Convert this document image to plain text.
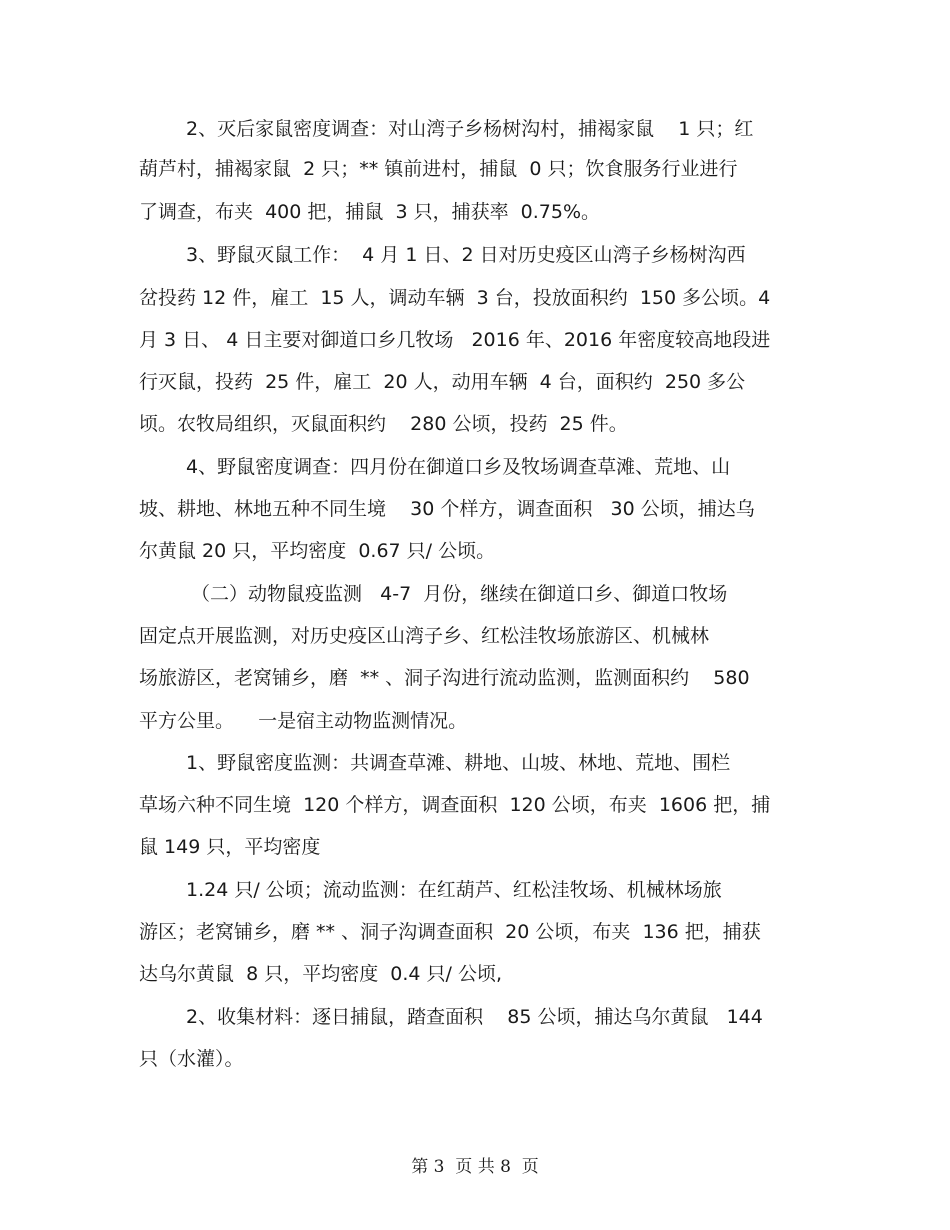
2、灭后家鼠密度调查：对山湾子乡杨树沟村，捕褐家鼠    1 只；红
葫芦村，捕褐家鼠  2 只；** 镇前进村，捕鼠  0 只；饮食服务行业进行
了调查，布夹  400 把，捕鼠  3 只，捕获率  0.75%。
3、野鼠灭鼠工作：  4 月 1 日、2 日对历史疫区山湾子乡杨树沟西
岔投药 12 件，雇工  15 人，调动车辆  3 台，投放面积约  150 多公顷。4
月 3 日、 4 日主要对御道口乡几牧场   2016 年、2016 年密度较高地段进
行灭鼠，投药  25 件，雇工  20 人，动用车辆  4 台，面积约  250 多公
顷。农牧局组织，灭鼠面积约    280 公顷，投药  25 件。
4、野鼠密度调查：四月份在御道口乡及牧场调查草滩、荒地、山
坡、耕地、林地五种不同生境    30 个样方，调查面积   30 公顷，捕达乌
尔黄鼠 20 只，平均密度  0.67 只/ 公顷。
（二）动物鼠疫监测   4-7  月份，继续在御道口乡、御道口牧场
固定点开展监测，对历史疫区山湾子乡、红松洼牧场旅游区、机械林
场旅游区，老窝铺乡，磨  ** 、洞子沟进行流动监测，监测面积约    580
平方公里。    一是宿主动物监测情况。
1、野鼠密度监测：共调查草滩、耕地、山坡、林地、荒地、围栏
草场六种不同生境  120 个样方，调查面积  120 公顷，布夹  1606 把，捕
鼠 149 只，平均密度
1.24 只/ 公顷；流动监测：在红葫芦、红松洼牧场、机械林场旅
游区；老窝铺乡，磨 ** 、洞子沟调查面积  20 公顷，布夹  136 把，捕获
达乌尔黄鼠  8 只，平均密度  0.4 只/ 公顷,
2、收集材料：逐日捕鼠，踏查面积    85 公顷，捕达乌尔黄鼠   144
只（水灌）。
第 3  页 共 8  页
